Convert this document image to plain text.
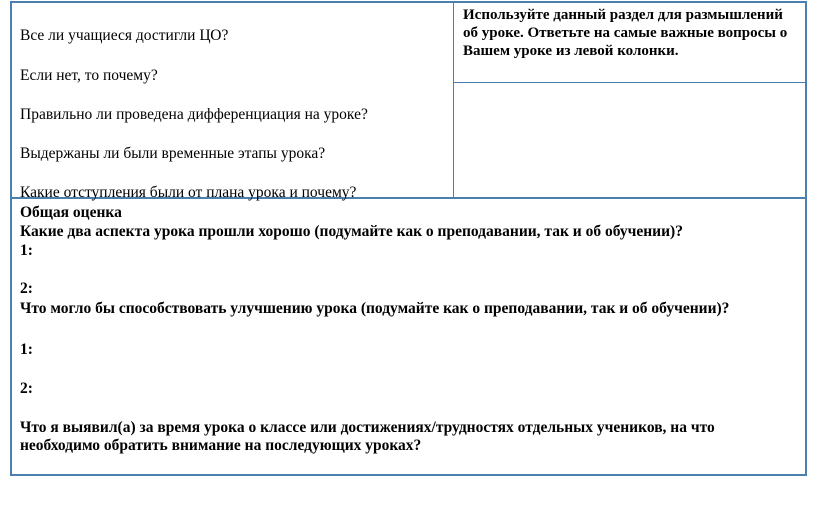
Все ли учащиеся достигли ЦО?

Если нет, то почему?

Правильно ли проведена дифференциация на уроке?

Выдержаны ли были временные этапы урока?

Какие отступления были от плана урока и почему?

Используйте данный раздел для размышлений об уроке. Ответьте на самые важные вопросы о Вашем уроке из левой колонки.

Общая оценка

Какие два аспекта урока прошли хорошо (подумайте как о преподавании, так и об обучении)?

1:

2:

Что могло бы способствовать улучшению урока (подумайте как о преподавании, так и об обучении)?

1:

2:

Что я выявил(а) за время урока о классе или достижениях/трудностях отдельных учеников, на что необходимо обратить внимание на последующих уроках?
